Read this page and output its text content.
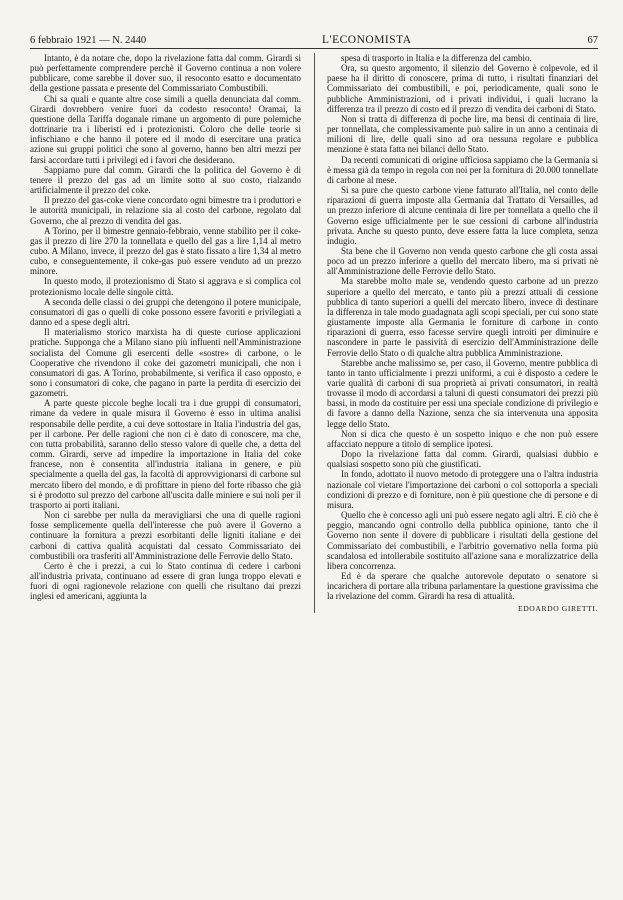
6 febbraio 1921 — N. 2440	L'ECONOMISTA	67

Intanto, è da notare che, dopo la rivelazione fatta dal comm. Girardi si può perfettamente comprendere perchè il Governo continua a non volere pubblicare, come sarebbe il dover suo, il resoconto esatto e documentato della gestione passata e presente del Commissariato Combustibili.

Chi sa quali e quante altre cose simili a quella denunciata dal comm. Girardi dovrebbero venire fuori da codesto resoconto! Oramai, la questione della Tariffa doganale rimane un argomento di pure polemiche dottrinarie tra i liberisti ed i protezionisti. Coloro che delle teorie si infischiano e che hanno il potere ed il modo di esercitare una pratica azione sui gruppi politici che sono al governo, hanno ben altri mezzi per farsi accordare tutti i privilegi ed i favori che desiderano.

Sappiamo pure dal comm. Girardi che la politica del Governo è di tenere il prezzo del gas ad un limite sotto al suo costo, rialzando artificialmente il prezzo del coke.

Il prezzo del gas-coke viene concordato ogni bimestre tra i produttori e le autorità municipali, in relazione sia al costo del carbone, regolato dal Governo, che al prezzo di vendita del gas.

A Torino, per il bimestre gennaio-febbraio, venne stabilito per il coke-gas il prezzo di lire 270 la tonnellata e quello del gas a lire 1,14 al metro cubo. A Milano, invece, il prezzo del gas è stato fissato a lire 1,34 al metro cubo, e conseguentemente, il coke-gas può essere venduto ad un prezzo minore.

In questo modo, il protezionismo di Stato si aggrava e si complica col protezionismo locale delle singole città.

A seconda delle classi o dei gruppi che detengono il potere municipale, consumatori di gas o quelli di coke possono essere favoriti e privilegiati a danno ed a spese degli altri.

Il materialismo storico marxista ha di queste curiose applicazioni pratiche. Supponga che a Milano siano più influenti nell'Amministrazione socialista del Comune gli esercenti delle «sostre» di carbone, o le Cooperative che rivendono il coke dei gazometri municipali, che non i consumatori di gas. A Torino, probabilmente, si verifica il caso opposto, e sono i consumatori di coke, che pagano in parte la perdita di esercizio dei gazometri.

A parte queste piccole beghe locali tra i due gruppi di consumatori, rimane da vedere in quale misura il Governo è esso in ultima analisi responsabile delle perdite, a cui deve sottostare in Italia l'industria del gas, per il carbone. Per delle ragioni che non ci è dato di conoscere, ma che, con tutta probabilità, saranno dello stesso valore di quelle che, a detta del comm. Girardi, serve ad impedire la importazione in Italia del coke francese, non è consentita all'industria italiana in genere, e più specialmente a quella del gas, la facoltà di approvvigionarsi di carbone sul mercato libero del mondo, e di profittare in pieno del forte ribasso che già si è prodotto sul prezzo del carbone all'uscita dalle miniere e sui noli per il trasporto ai porti italiani.

Non ci sarebbe per nulla da meravigliarsi che una di quelle ragioni fosse semplicemente quella dell'interesse che può avere il Governo a continuare la fornitura a prezzi esorbitanti delle ligniti italiane e dei carboni di cattiva qualità acquistati dal cessato Commissariato dei combustibili ora trasferiti all'Amministrazione delle Ferrovie dello Stato.

Certo è che i prezzi, a cui lo Stato continua di cedere i carboni all'industria privata, continuano ad essere di gran lunga troppo elevati e fuori di ogni ragionevole relazione con quelli che risultano dai prezzi inglesi ed americani, aggiunta la

spesa di trasporto in Italia e la differenza del cambio.

Ora, su questo argomento, il silenzio del Governo è colpevole, ed il paese ha il diritto di conoscere, prima di tutto, i risultati finanziari del Commissariato dei combustibili, e poi, periodicamente, quali sono le pubbliche Amministrazioni, od i privati individui, i quali lucrano la differenza tra il prezzo di costo ed il prezzo di vendita dei carboni di Stato.

Non si tratta di differenza di poche lire, ma bensì di centinaia di lire, per tonnellata, che complessivamente può salire in un anno a centinaia di milioni di lire, delle quali sino ad ora nessuna regolare e pubblica menzione è stata fatta nei bilanci dello Stato.

Da recenti comunicati di origine ufficiosa sappiamo che la Germania si è messa già da tempo in regola con noi per la fornitura di 20.000 tonnellate di carbone al mese.

Si sa pure che questo carbone viene fatturato all'Italia, nel conto delle riparazioni di guerra imposte alla Germania dal Trattato di Versailles, ad un prezzo inferiore di alcune centinaia di lire per tonnellata a quello che il Governo esige ufficialmente per le sue cessioni di carbone all'industria privata. Anche su questo punto, deve essere fatta la luce completa, senza indugio.

Sta bene che il Governo non venda questo carbone che gli costa assai poco ad un prezzo inferiore a quello del mercato libero, ma si privati nè all'Amministrazione delle Ferrovie dello Stato.

Ma starebbe molto male se, vendendo questo carbone ad un prezzo superiore a quello del mercato, e tanto più a prezzi attuali di cessione pubblica di tanto superiori a quelli del mercato libero, invece di destinare la differenza in tale modo guadagnata agli scopi speciali, per cui sono state giustamente imposte alla Germania le forniture di carbone in conto riparazioni di guerra, esso facesse servire quegli introiti per diminuire e nascondere in parte le passività di esercizio dell'Amministrazione delle Ferrovie dello Stato o di qualche altra pubblica Amministrazione.

Starebbe anche malissimo se, per caso, il Governo, mentre pubblica di tanto in tanto ufficialmente i prezzi uniformi, a cui è disposto a cedere le varie qualità di carboni di sua proprietà ai privati consumatori, in realtà trovasse il modo di accordarsi a taluni di questi consumatori dei prezzi più bassi, in modo da costituire per essi una speciale condizione di privilegio e di favore a danno della Nazione, senza che sia intervenuta una apposita legge dello Stato.

Non si dica che questo è un sospetto iniquo e che non può essere affacciato neppure a titolo di semplice ipotesi.

Dopo la rivelazione fatta dal comm. Girardi, qualsiasi dubbio e qualsiasi sospetto sono più che giustificati.

In fondo, adottato il nuovo metodo di proteggere una o l'altra industria nazionale col vietare l'importazione dei carboni o col sottoporla a speciali condizioni di prezzo e di forniture, non è più questione che di persone e di misura.

Quello che è concesso agli uni può essere negato agli altri. E ciò che è peggio, mancando ogni controllo della pubblica opinione, tanto che il Governo non sente il dovere di pubblicare i risultati della gestione del Commissariato dei combustibili, e l'arbitrio governativo nella forma più scandalosa ed intollerabile sostituito all'azione sana e moralizzatrice della libera concorrenza.

Ed è da sperare che qualche autorevole deputato o senatore si incarichera di portare alla tribuna parlamentare la questione gravissima che la rivelazione del comm. Girardi ha resa di attualità.

EDOARDO GIRETTI.
